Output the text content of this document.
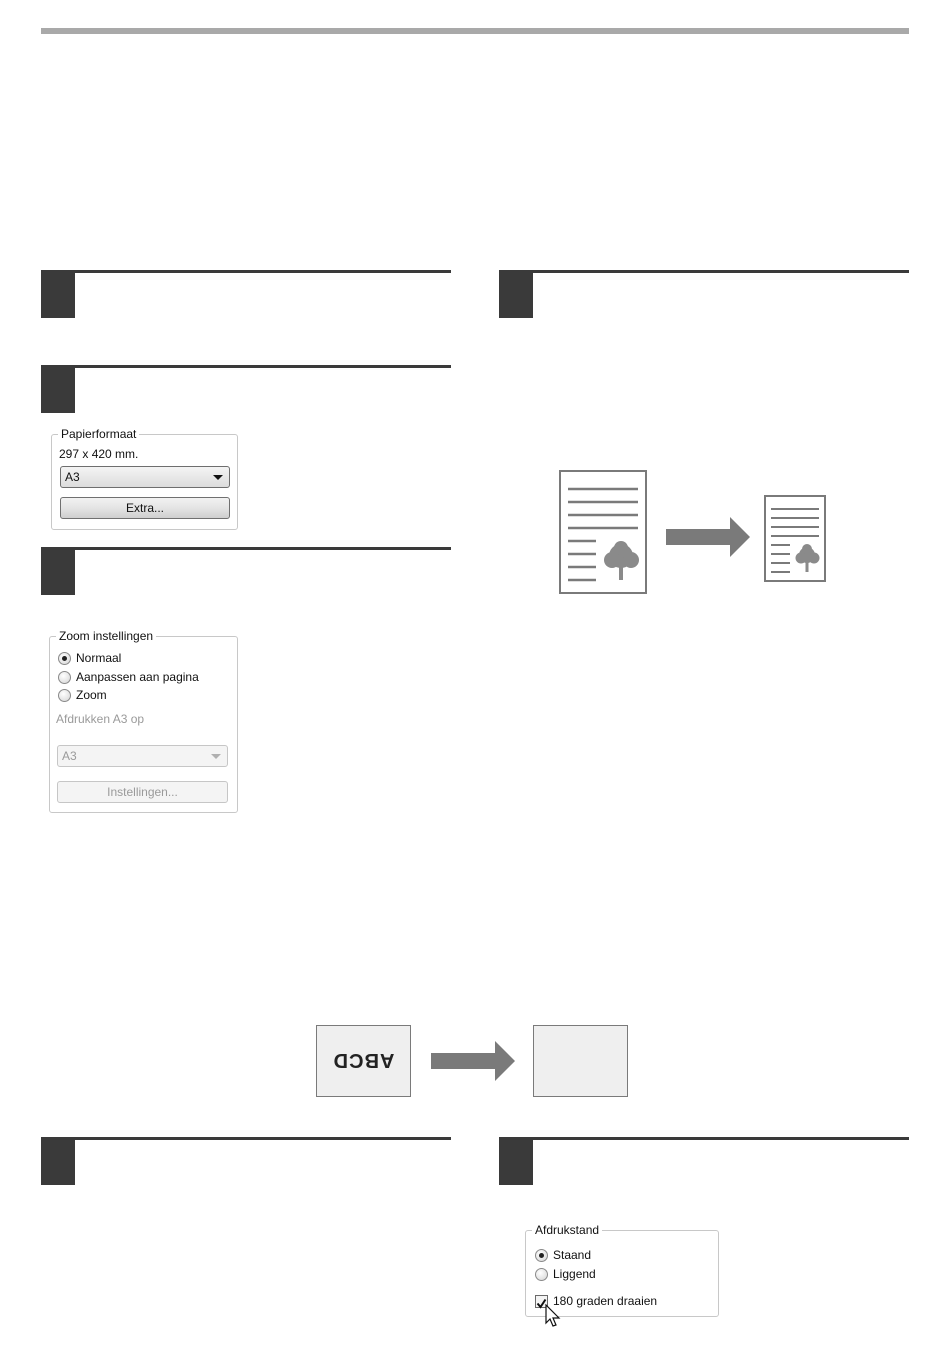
Papierformaat
297 x 420 mm.
A3
Extra...
Zoom instellingen
Normaal
Aanpassen aan pagina
Zoom
Afdrukken A3 op
A3
Instellingen...
ABCD
Afdrukstand
Staand
Liggend
180 graden draaien
